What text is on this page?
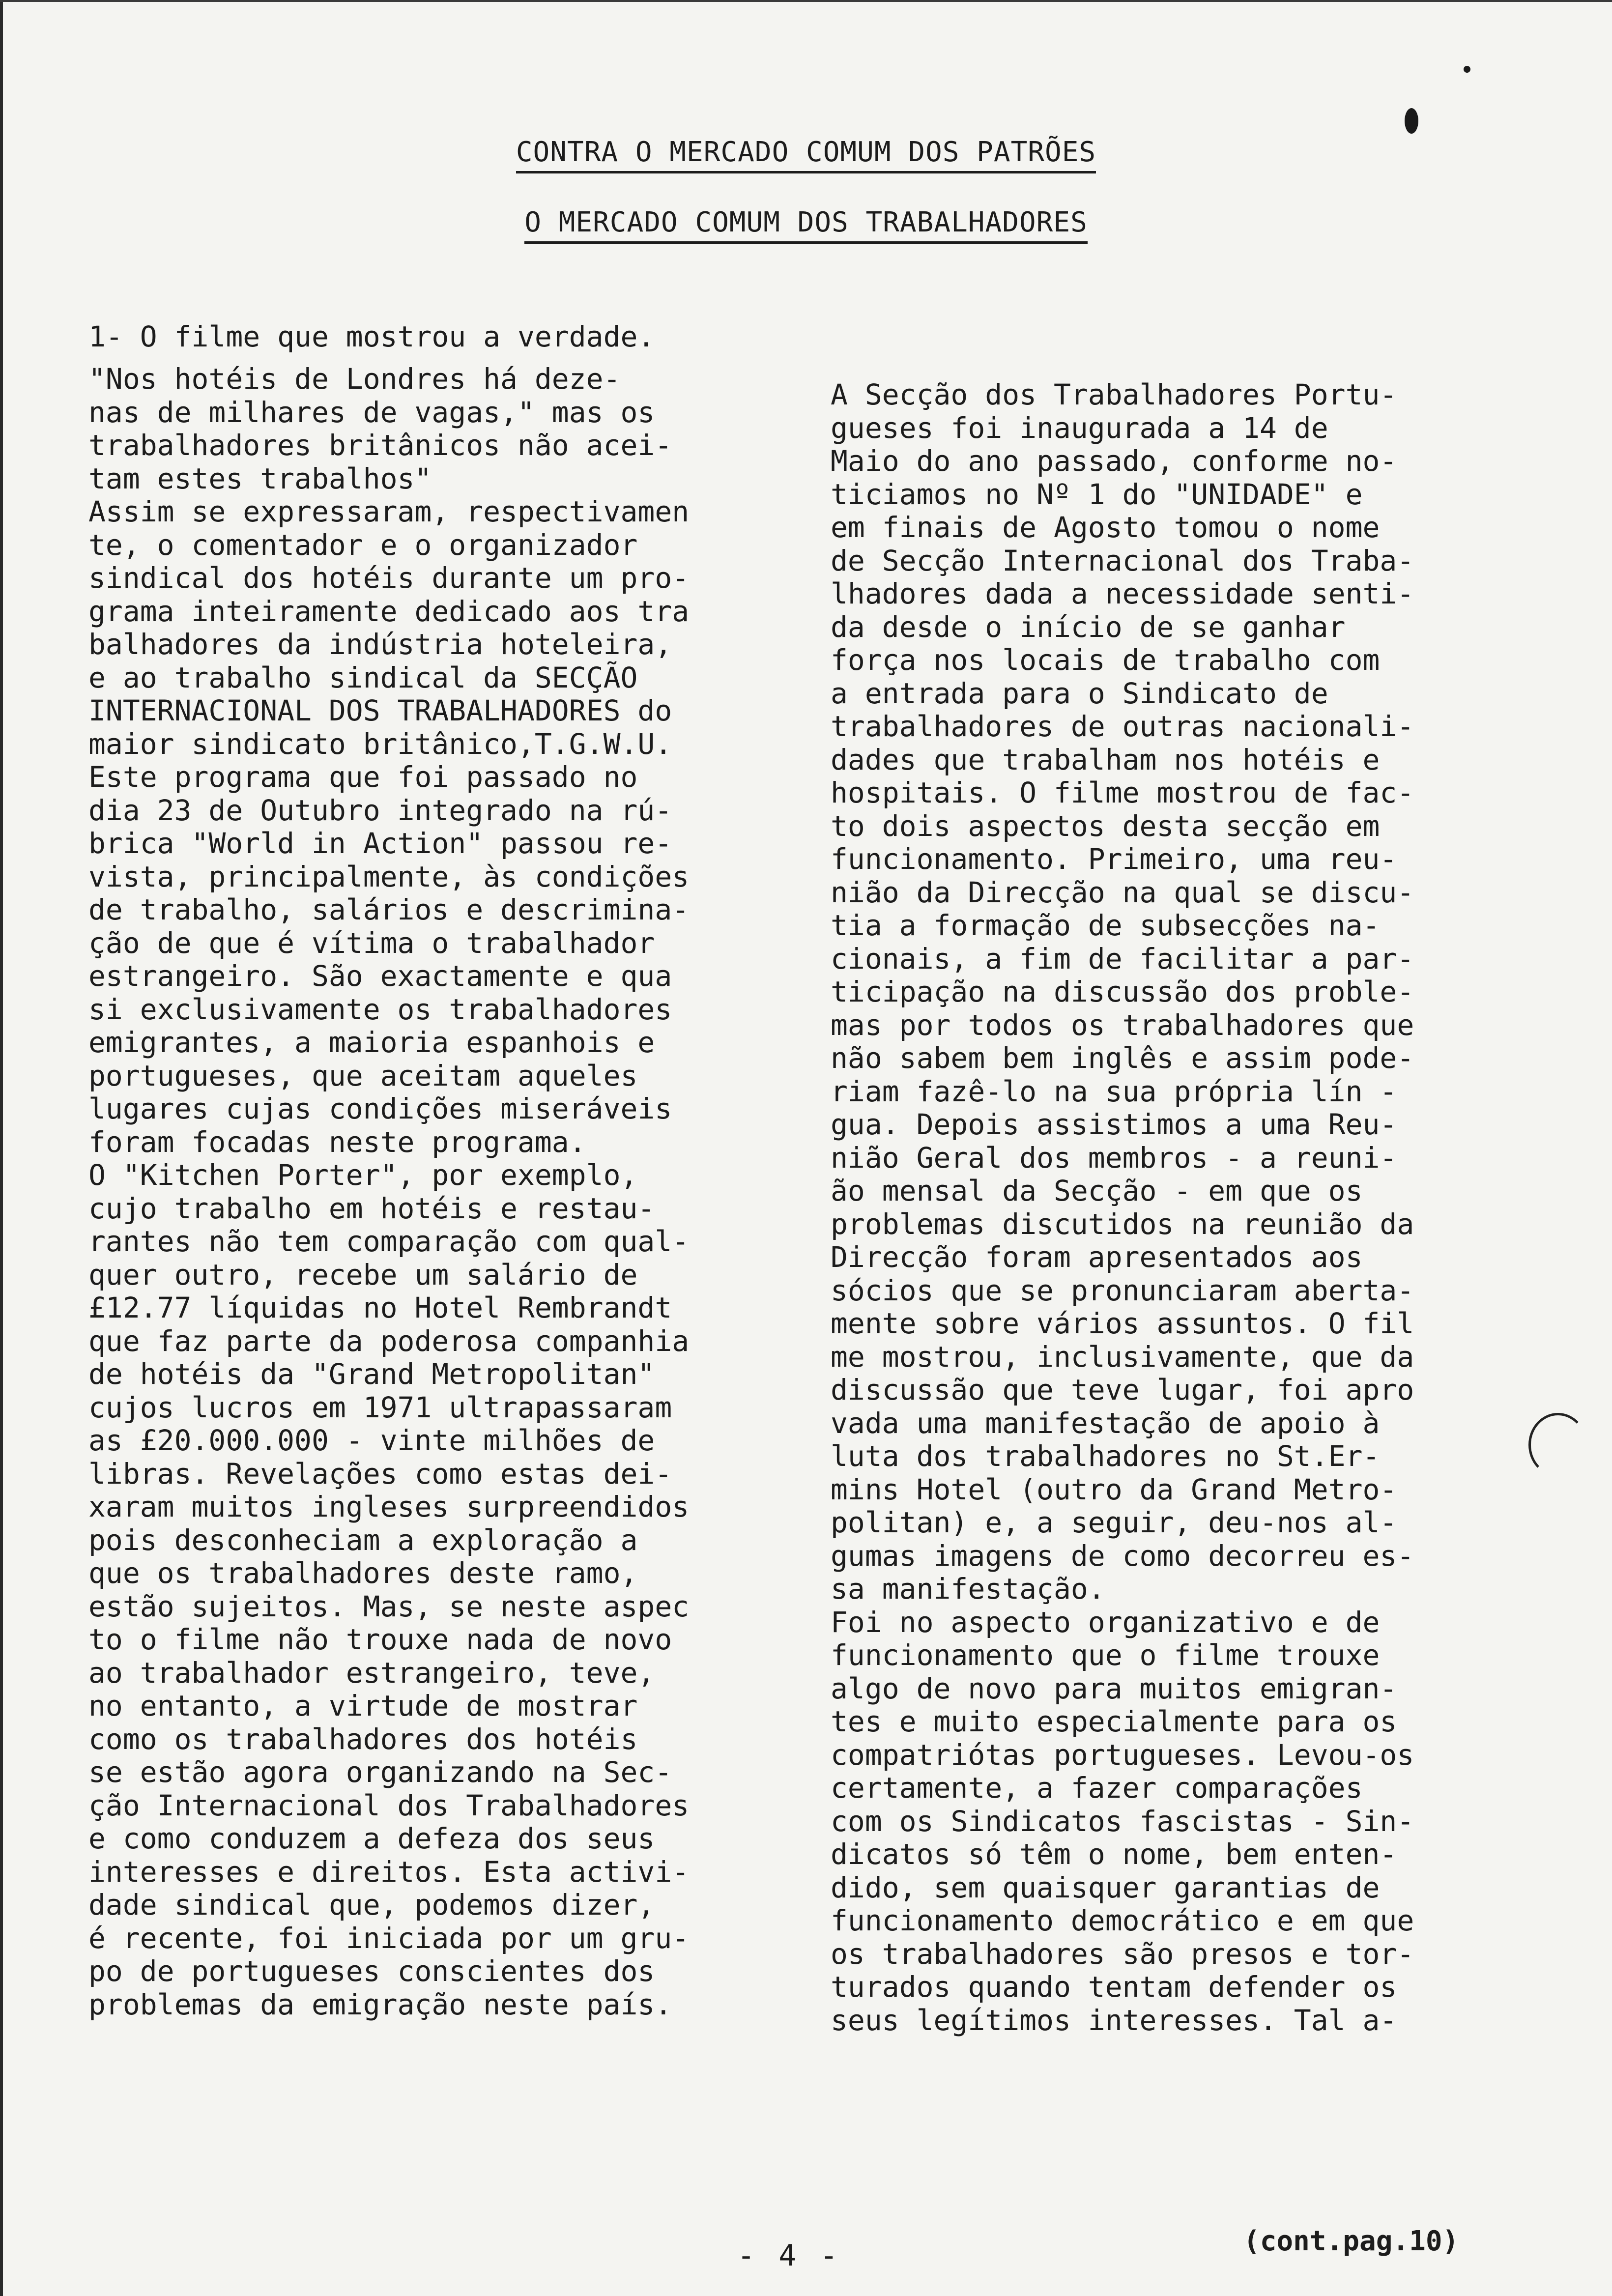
CONTRA O MERCADO COMUM DOS PATRÕES
O MERCADO COMUM DOS TRABALHADORES
1- O filme que mostrou a verdade.
"Nos hotéis de Londres há deze-
nas de milhares de vagas," mas os
trabalhadores britânicos não acei-
tam estes trabalhos"
Assim se expressaram, respectivamen
te, o comentador e o organizador
sindical dos hotéis durante um pro-
grama inteiramente dedicado aos tra
balhadores da indústria hoteleira,
e ao trabalho sindical da SECÇÃO
INTERNACIONAL DOS TRABALHADORES do
maior sindicato britânico,T.G.W.U.
Este programa que foi passado no
dia 23 de Outubro integrado na rú-
brica "World in Action" passou re-
vista, principalmente, às condições
de trabalho, salários e descrimina-
ção de que é vítima o trabalhador
estrangeiro. São exactamente e qua
si exclusivamente os trabalhadores
emigrantes, a maioria espanhois e
portugueses, que aceitam aqueles
lugares cujas condições miseráveis
foram focadas neste programa.
O "Kitchen Porter", por exemplo,
cujo trabalho em hotéis e restau-
rantes não tem comparação com qual-
quer outro, recebe um salário de
£12.77 líquidas no Hotel Rembrandt
que faz parte da poderosa companhia
de hotéis da "Grand Metropolitan"
cujos lucros em 1971 ultrapassaram
as £20.000.000 - vinte milhões de
libras. Revelações como estas dei-
xaram muitos ingleses surpreendidos
pois desconheciam a exploração a
que os trabalhadores deste ramo,
estão sujeitos. Mas, se neste aspec
to o filme não trouxe nada de novo
ao trabalhador estrangeiro, teve,
no entanto, a virtude de mostrar
como os trabalhadores dos hotéis
se estão agora organizando na Sec-
ção Internacional dos Trabalhadores
e como conduzem a defeza dos seus
interesses e direitos. Esta activi-
dade sindical que, podemos dizer,
é recente, foi iniciada por um gru-
po de portugueses conscientes dos
problemas da emigração neste país.
A Secção dos Trabalhadores Portu-
gueses foi inaugurada a 14 de
Maio do ano passado, conforme no-
ticiamos no Nº 1 do "UNIDADE" e
em finais de Agosto tomou o nome
de Secção Internacional dos Traba-
lhadores dada a necessidade senti-
da desde o início de se ganhar
força nos locais de trabalho com
a entrada para o Sindicato de
trabalhadores de outras nacionali-
dades que trabalham nos hotéis e
hospitais. O filme mostrou de fac-
to dois aspectos desta secção em
funcionamento. Primeiro, uma reu-
nião da Direcção na qual se discu-
tia a formação de subsecções na-
cionais, a fim de facilitar a par-
ticipação na discussão dos proble-
mas por todos os trabalhadores que
não sabem bem inglês e assim pode-
riam fazê-lo na sua própria lín -
gua. Depois assistimos a uma Reu-
nião Geral dos membros - a reuni-
ão mensal da Secção - em que os
problemas discutidos na reunião da
Direcção foram apresentados aos
sócios que se pronunciaram aberta-
mente sobre vários assuntos. O fil
me mostrou, inclusivamente, que da
discussão que teve lugar, foi apro
vada uma manifestação de apoio à
luta dos trabalhadores no St.Er-
mins Hotel (outro da Grand Metro-
politan) e, a seguir, deu-nos al-
gumas imagens de como decorreu es-
sa manifestação.
Foi no aspecto organizativo e de
funcionamento que o filme trouxe
algo de novo para muitos emigran-
tes e muito especialmente para os
compatriótas portugueses. Levou-os
certamente, a fazer comparações
com os Sindicatos fascistas - Sin-
dicatos só têm o nome, bem enten-
dido, sem quaisquer garantias de
funcionamento democrático e em que
os trabalhadores são presos e tor-
turados quando tentam defender os
seus legítimos interesses. Tal a-
- 4 -	(cont.pag.10)
